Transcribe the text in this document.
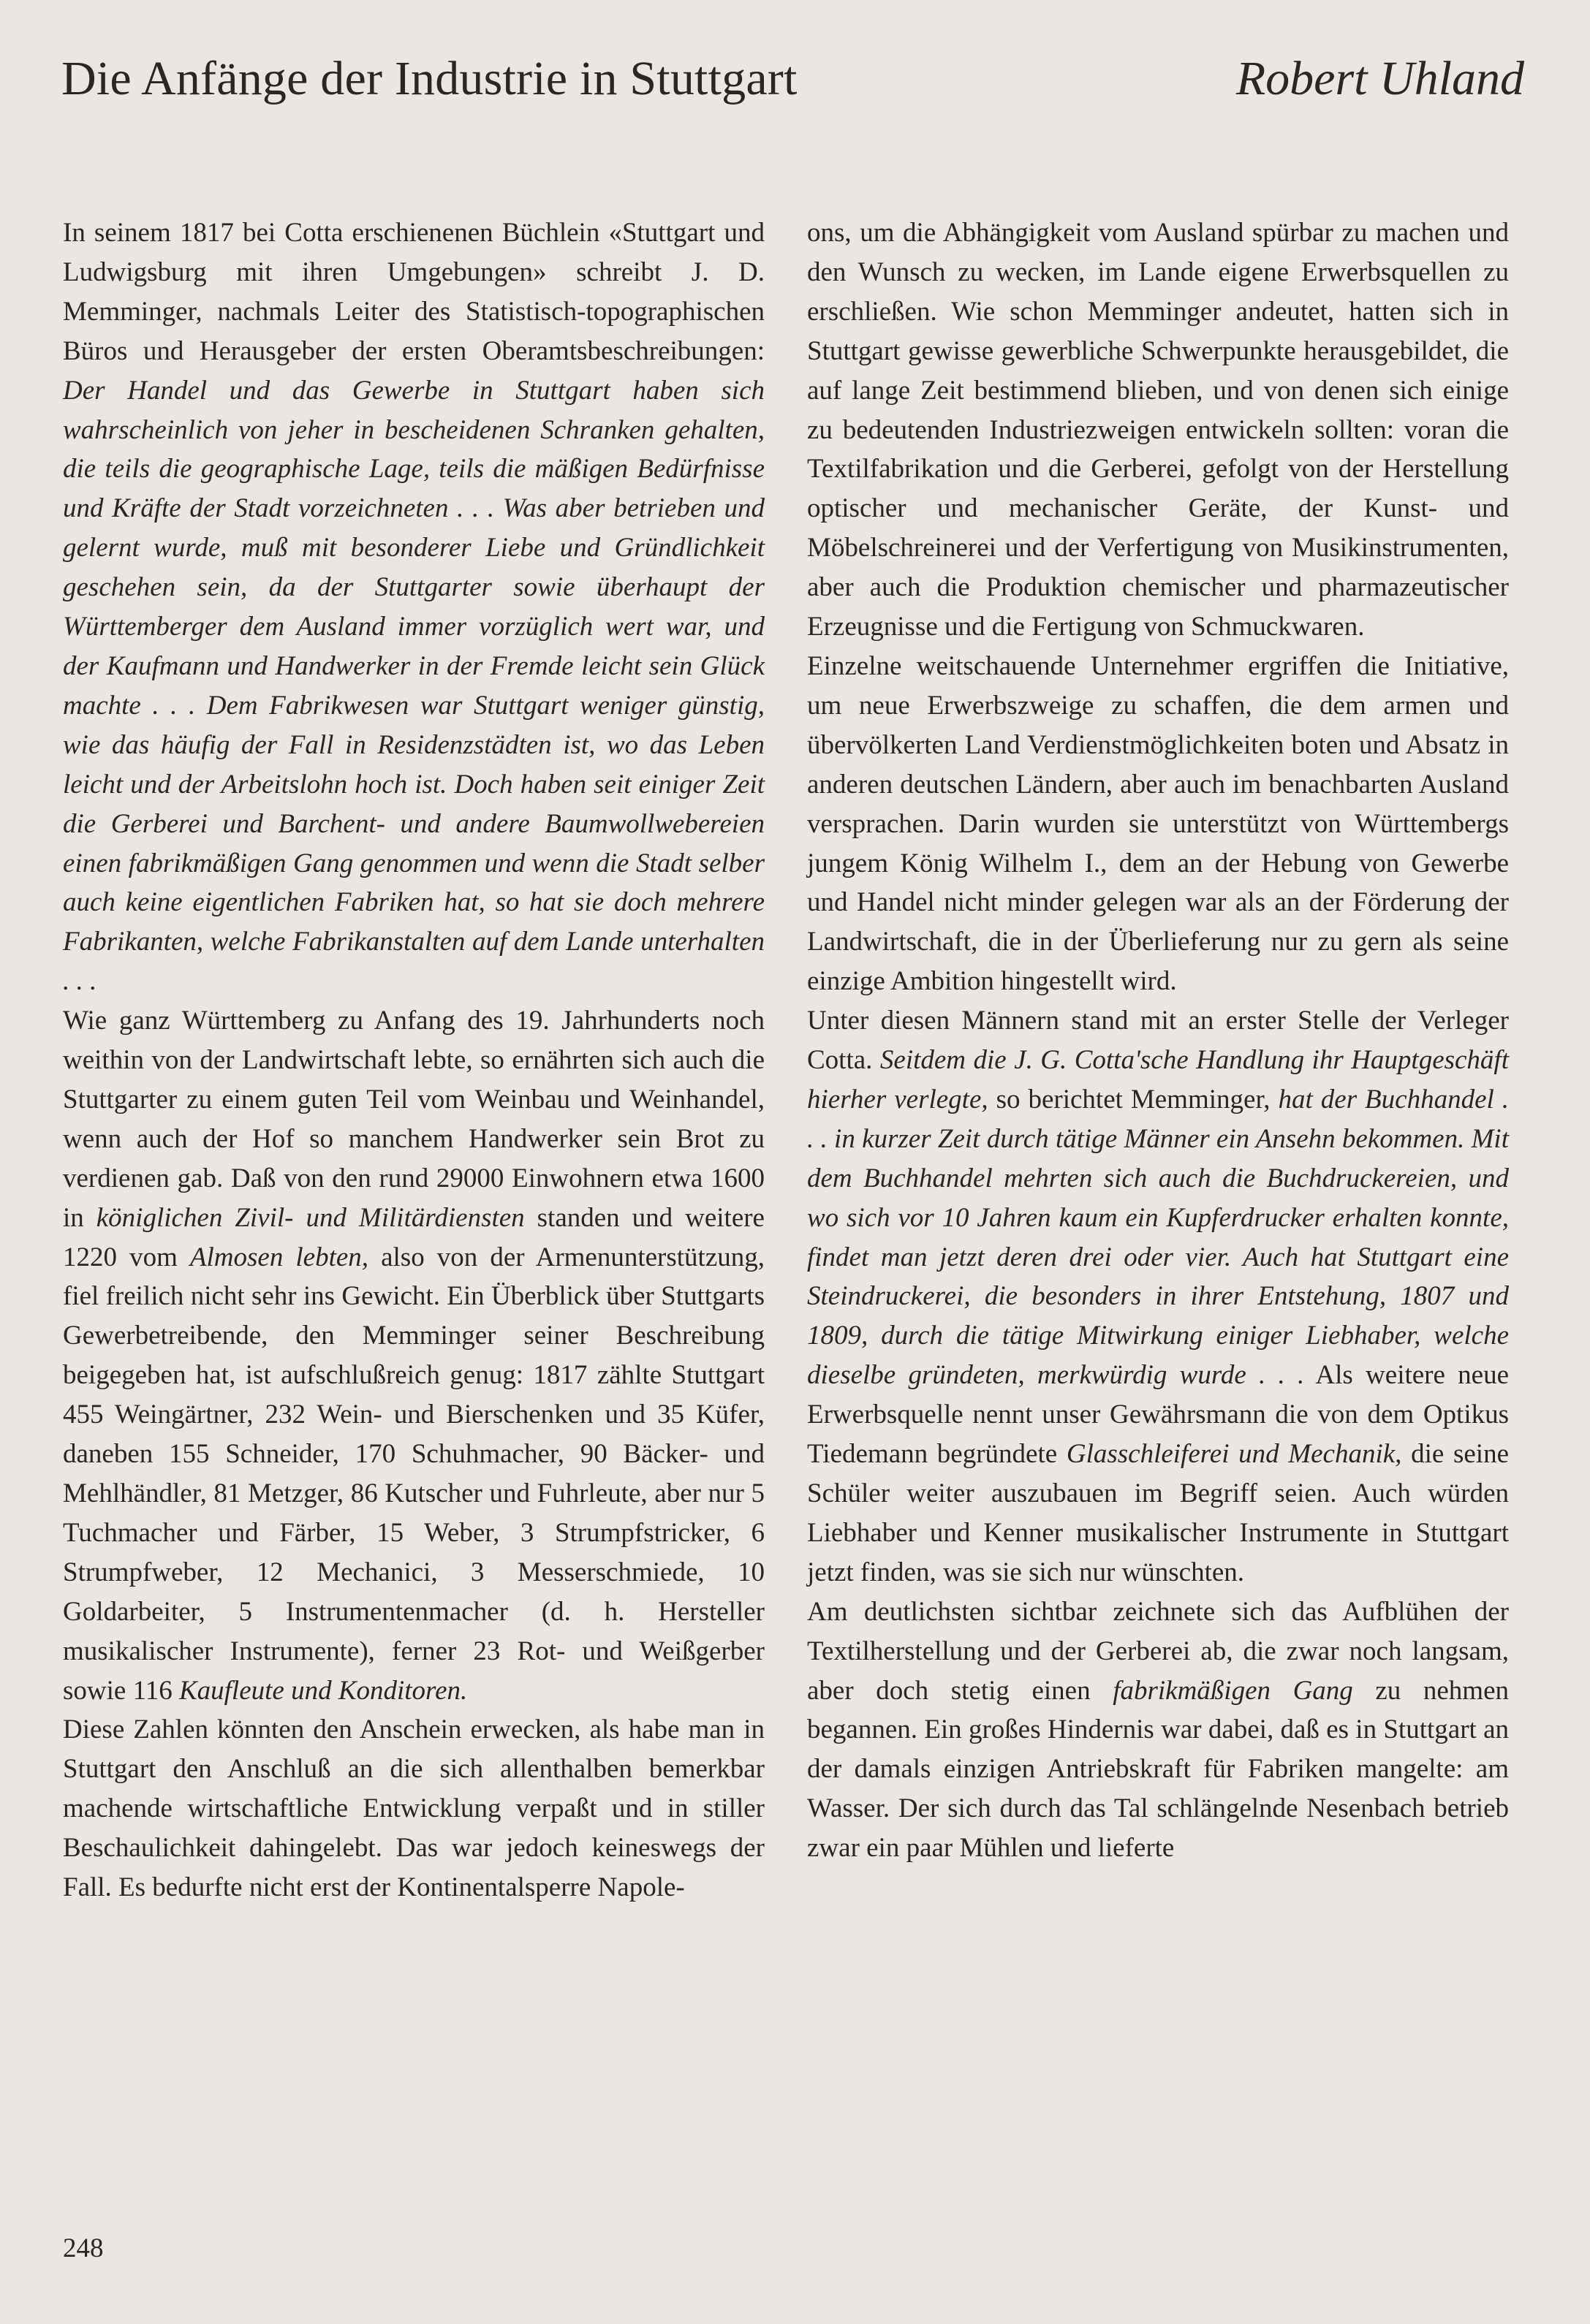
Die Anfänge der Industrie in Stuttgart	Robert Uhland

In seinem 1817 bei Cotta erschienenen Büchlein «Stuttgart und Ludwigsburg mit ihren Umgebungen» schreibt J. D. Memminger, nachmals Leiter des Statistisch-topographischen Büros und Herausgeber der ersten Oberamtsbeschreibungen: Der Handel und das Gewerbe in Stuttgart haben sich wahrscheinlich von jeher in bescheidenen Schranken gehalten, die teils die geographische Lage, teils die mäßigen Bedürfnisse und Kräfte der Stadt vorzeichneten . . . Was aber betrieben und gelernt wurde, muß mit besonderer Liebe und Gründlichkeit geschehen sein, da der Stuttgarter sowie überhaupt der Württemberger dem Ausland immer vorzüglich wert war, und der Kaufmann und Handwerker in der Fremde leicht sein Glück machte . . . Dem Fabrikwesen war Stuttgart weniger günstig, wie das häufig der Fall in Residenzstädten ist, wo das Leben leicht und der Arbeitslohn hoch ist. Doch haben seit einiger Zeit die Gerberei und Barchent- und andere Baumwollwebereien einen fabrikmäßigen Gang genommen und wenn die Stadt selber auch keine eigentlichen Fabriken hat, so hat sie doch mehrere Fabrikanten, welche Fabrikanstalten auf dem Lande unterhalten . . .

Wie ganz Württemberg zu Anfang des 19. Jahrhunderts noch weithin von der Landwirtschaft lebte, so ernährten sich auch die Stuttgarter zu einem guten Teil vom Weinbau und Weinhandel, wenn auch der Hof so manchem Handwerker sein Brot zu verdienen gab. Daß von den rund 29000 Einwohnern etwa 1600 in königlichen Zivil- und Militärdiensten standen und weitere 1220 vom Almosen lebten, also von der Armenunterstützung, fiel freilich nicht sehr ins Gewicht. Ein Überblick über Stuttgarts Gewerbetreibende, den Memminger seiner Beschreibung beigegeben hat, ist aufschlußreich genug: 1817 zählte Stuttgart 455 Weingärtner, 232 Wein- und Bierschenken und 35 Küfer, daneben 155 Schneider, 170 Schuhmacher, 90 Bäcker- und Mehlhändler, 81 Metzger, 86 Kutscher und Fuhrleute, aber nur 5 Tuchmacher und Färber, 15 Weber, 3 Strumpfstricker, 6 Strumpfweber, 12 Mechanici, 3 Messerschmiede, 10 Goldarbeiter, 5 Instrumentenmacher (d. h. Hersteller musikalischer Instrumente), ferner 23 Rot- und Weißgerber sowie 116 Kaufleute und Konditoren.

Diese Zahlen könnten den Anschein erwecken, als habe man in Stuttgart den Anschluß an die sich allenthalben bemerkbar machende wirtschaftliche Entwicklung verpaßt und in stiller Beschaulichkeit dahingelebt. Das war jedoch keineswegs der Fall. Es bedurfte nicht erst der Kontinentalsperre Napole-

ons, um die Abhängigkeit vom Ausland spürbar zu machen und den Wunsch zu wecken, im Lande eigene Erwerbsquellen zu erschließen. Wie schon Memminger andeutet, hatten sich in Stuttgart gewisse gewerbliche Schwerpunkte herausgebildet, die auf lange Zeit bestimmend blieben, und von denen sich einige zu bedeutenden Industriezweigen entwickeln sollten: voran die Textilfabrikation und die Gerberei, gefolgt von der Herstellung optischer und mechanischer Geräte, der Kunst- und Möbelschreinerei und der Verfertigung von Musikinstrumenten, aber auch die Produktion chemischer und pharmazeutischer Erzeugnisse und die Fertigung von Schmuckwaren.

Einzelne weitschauende Unternehmer ergriffen die Initiative, um neue Erwerbszweige zu schaffen, die dem armen und übervölkerten Land Verdienstmöglichkeiten boten und Absatz in anderen deutschen Ländern, aber auch im benachbarten Ausland versprachen. Darin wurden sie unterstützt von Württembergs jungem König Wilhelm I., dem an der Hebung von Gewerbe und Handel nicht minder gelegen war als an der Förderung der Landwirtschaft, die in der Überlieferung nur zu gern als seine einzige Ambition hingestellt wird.

Unter diesen Männern stand mit an erster Stelle der Verleger Cotta. Seitdem die J. G. Cotta'sche Handlung ihr Hauptgeschäft hierher verlegte, so berichtet Memminger, hat der Buchhandel . . . in kurzer Zeit durch tätige Männer ein Ansehn bekommen. Mit dem Buchhandel mehrten sich auch die Buchdruckereien, und wo sich vor 10 Jahren kaum ein Kupferdrucker erhalten konnte, findet man jetzt deren drei oder vier. Auch hat Stuttgart eine Steindruckerei, die besonders in ihrer Entstehung, 1807 und 1809, durch die tätige Mitwirkung einiger Liebhaber, welche dieselbe gründeten, merkwürdig wurde . . . Als weitere neue Erwerbsquelle nennt unser Gewährsmann die von dem Optikus Tiedemann begründete Glasschleiferei und Mechanik, die seine Schüler weiter auszubauen im Begriff seien. Auch würden Liebhaber und Kenner musikalischer Instrumente in Stuttgart jetzt finden, was sie sich nur wünschten.

Am deutlichsten sichtbar zeichnete sich das Aufblühen der Textilherstellung und der Gerberei ab, die zwar noch langsam, aber doch stetig einen fabrikmäßigen Gang zu nehmen begannen. Ein großes Hindernis war dabei, daß es in Stuttgart an der damals einzigen Antriebskraft für Fabriken mangelte: am Wasser. Der sich durch das Tal schlängelnde Nesenbach betrieb zwar ein paar Mühlen und lieferte

248
